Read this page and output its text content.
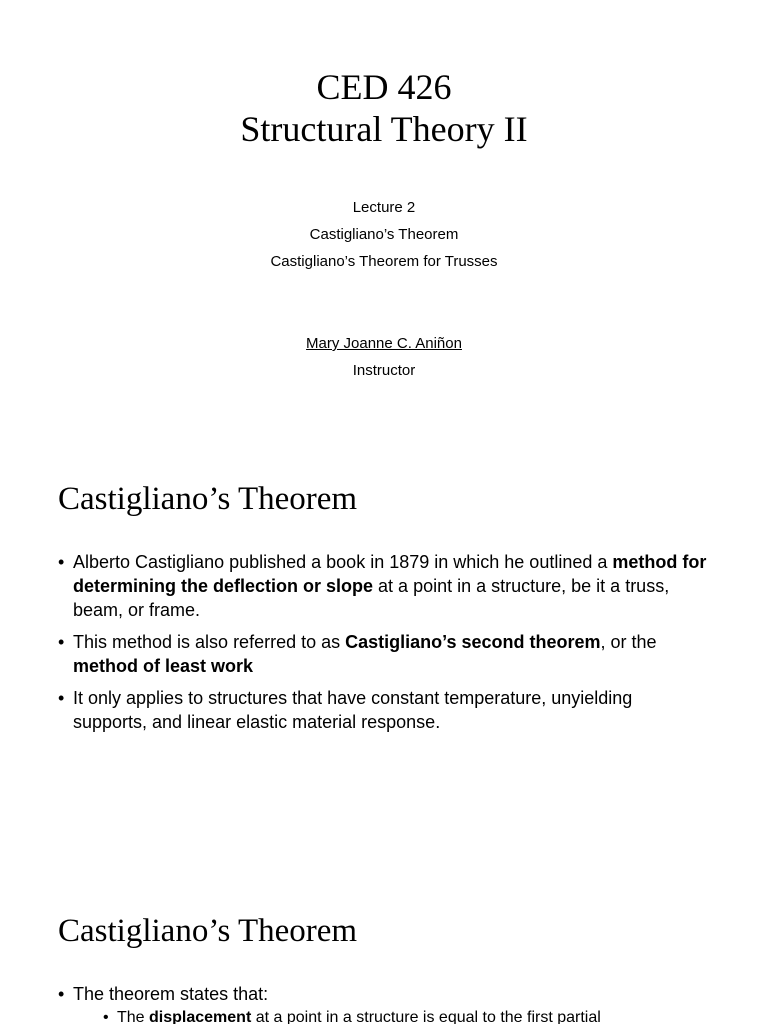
CED 426
Structural Theory II
Lecture 2
Castigliano’s Theorem
Castigliano’s Theorem for Trusses
Mary Joanne C. Aniñon
Instructor
Castigliano’s Theorem
• Alberto Castigliano published a book in 1879 in which he outlined a method for determining the deflection or slope at a point in a structure, be it a truss, beam, or frame.
• This method is also referred to as Castigliano’s second theorem, or the method of least work
• It only applies to structures that have constant temperature, unyielding supports, and linear elastic material response.
Castigliano’s Theorem
• The theorem states that:
• The displacement at a point in a structure is equal to the first partial
